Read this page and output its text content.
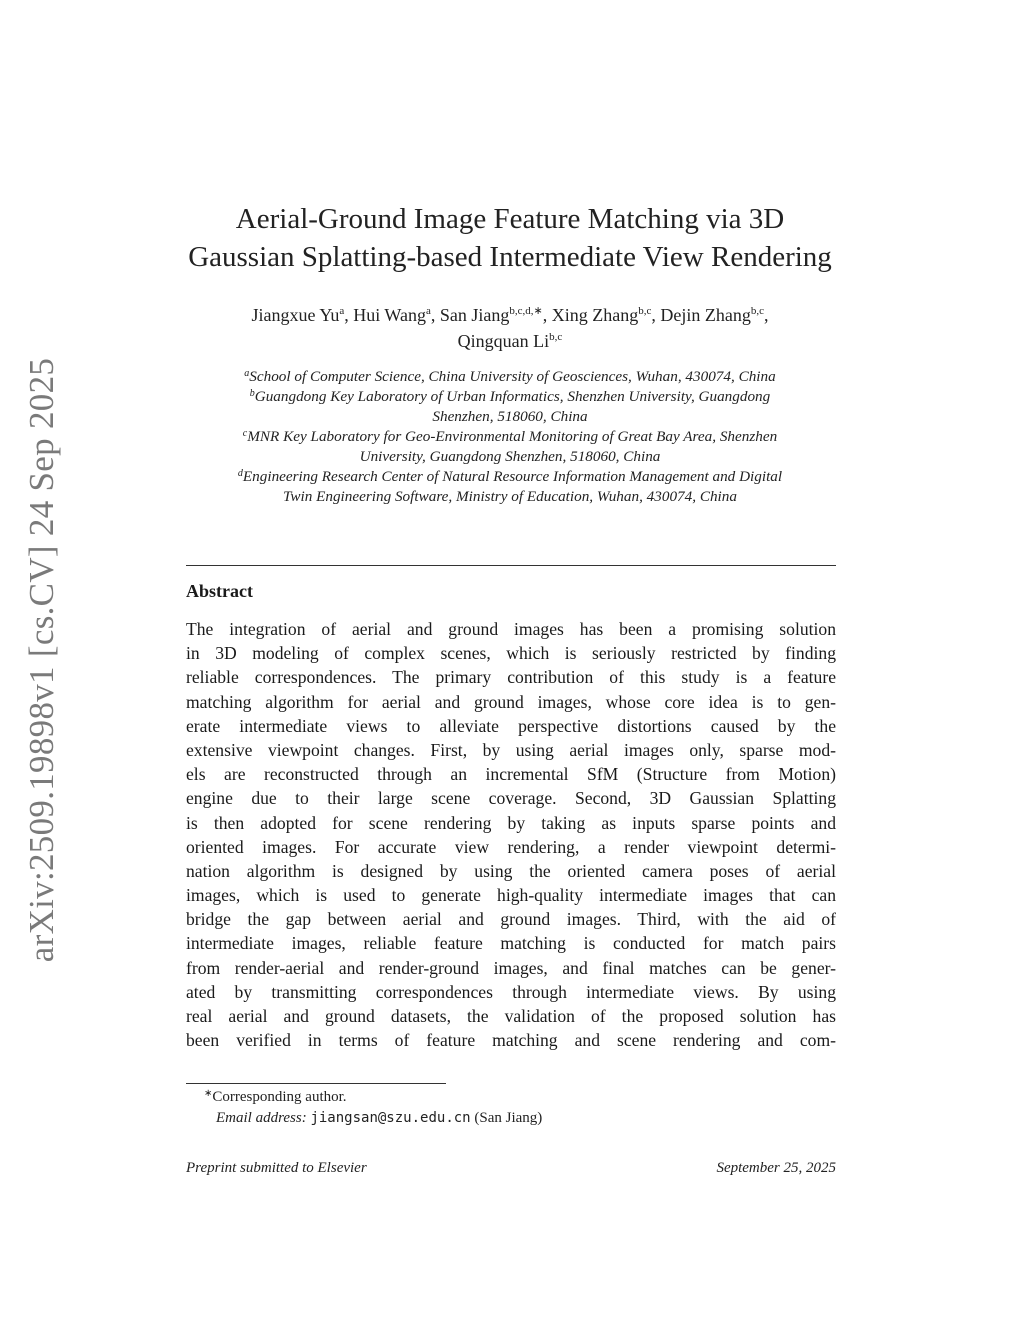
arXiv:2509.19898v1 [cs.CV] 24 Sep 2025
Aerial-Ground Image Feature Matching via 3D
Gaussian Splatting-based Intermediate View Rendering
Jiangxue Yu$^a$, Hui Wang$^a$, San Jiang$^{b,c,d,∗}$, Xing Zhang$^{b,c}$, Dejin Zhang$^{b,c}$,
Qingquan Li$^{b,c}$
$^a$School of Computer Science, China University of Geosciences, Wuhan, 430074, China
$^b$Guangdong Key Laboratory of Urban Informatics, Shenzhen University, Guangdong
Shenzhen, 518060, China
$^c$MNR Key Laboratory for Geo-Environmental Monitoring of Great Bay Area, Shenzhen
University, Guangdong Shenzhen, 518060, China
$^d$Engineering Research Center of Natural Resource Information Management and Digital
Twin Engineering Software, Ministry of Education, Wuhan, 430074, China
Abstract
The integration of aerial and ground images has been a promising solution
in 3D modeling of complex scenes, which is seriously restricted by finding
reliable correspondences. The primary contribution of this study is a feature
matching algorithm for aerial and ground images, whose core idea is to gen-
erate intermediate views to alleviate perspective distortions caused by the
extensive viewpoint changes. First, by using aerial images only, sparse mod-
els are reconstructed through an incremental SfM (Structure from Motion)
engine due to their large scene coverage. Second, 3D Gaussian Splatting
is then adopted for scene rendering by taking as inputs sparse points and
oriented images. For accurate view rendering, a render viewpoint determi-
nation algorithm is designed by using the oriented camera poses of aerial
images, which is used to generate high-quality intermediate images that can
bridge the gap between aerial and ground images. Third, with the aid of
intermediate images, reliable feature matching is conducted for match pairs
from render-aerial and render-ground images, and final matches can be gener-
ated by transmitting correspondences through intermediate views. By using
real aerial and ground datasets, the validation of the proposed solution has
been verified in terms of feature matching and scene rendering and com-
∗Corresponding author.
Email address: jiangsan@szu.edu.cn (San Jiang)
Preprint submitted to Elsevier	September 25, 2025
